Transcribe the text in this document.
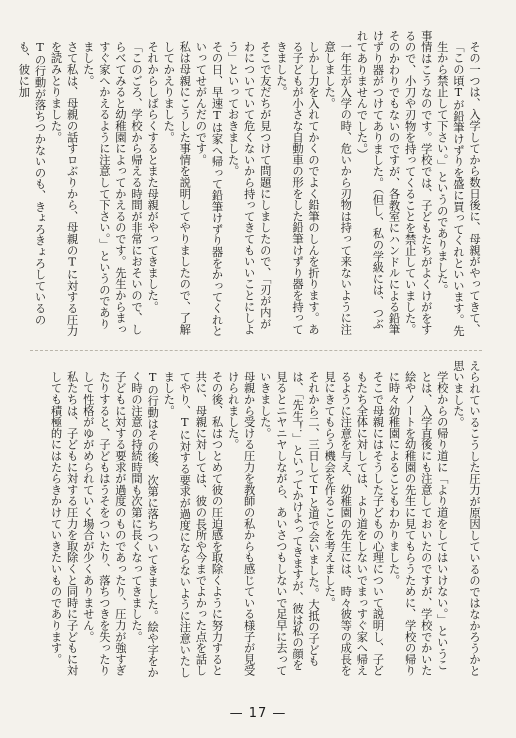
その一つは、入学してから数日後に、母親がやってきて、「この頃Tが鉛筆けずりを盛に買ってくれといいます。先生から禁止して下さい。」というのでありました。

事情はこうなのです。学校では、子どもたちがよくけがをするので、小刀や刃物を持ってくることを禁止していました。そのかわりでもないのですが、各教室にハンドルによる鉛筆けずり器がつけてありました。（但し、私の学級には、つぶれてありませんでした。）

一年生が入学の時、危いから刃物は持って来ないように注意しました。

しかし力を入れてかくのでよく鉛筆のしんを折ります。ある子どもが小さな自動車の形をした鉛筆けずり器を持ってきました。

そこで友だちが見つけて問題にしましたので、「刃が内がわについていて危くないから持ってきてもいいことにしよう」といっておきました。

その日、早速Tは家へ帰って鉛筆けずり器をかってくれといってせがんだのです。

私は母親にこうした事情を説明してやりましたので、了解してかえりました。

それからしばらくするとまた母親がやってきました。

「このごろ、学校から帰える時間が非常におそいので、しらべてみると幼稚園によってかえるのです。先生からまっすぐ家へかえるように注意して下さい。」というのでありました。

さて私は、母親の話すロぶりから、母親のTに対する圧力を読みとりました。

Tの行動が落ちつかないのも、きょろきょろしているのも、彼に加

えられているこうした圧力が原因しているのではなかろうかと思いました。

学校からの帰り道に「より道をしてはいけない。」ということは、入学直後にも注意しておいたのですが、学校でかいた絵やノートを幼稚園の先生に見てもらうために、学校の帰りに時々幼稚園によることもわかりました。

そこで母親にはそうした子どもの心理について説明し、子どもたち全体に対しては、より道をしないでまっすぐ家へ帰えるように注意を与え、幼稚園の先生には、時々彼等の成長を見にきてもらう機会を作ることを考えました。

それから二、三日してTと道で会いました。大抵の子どもは、「先生！」といってかけよってきますが、彼は私の顔を見るとニヤニヤしながら、あいさつもしないで足早に去っていきました。

母親から受ける圧力を教師の私からも感じている様子が見受けられました。

その後、私はつとめて彼の圧迫感を取除くように努力すると共に、母親に対しては、彼の長所や今までよかった点を話してやり、Tに対する要求が過度にならないように注意いたしました。

Tの行動はその後、次第に落ちついてきました。絵や字をかく時の注意の持続時間も次第に長くなってきました。

子どもに対する要求が過度のものであったり、圧力が強すぎたりすると、子どもはうそをついたり、落ちつきを失ったりして性格がゆがめられていく場合が少くありません。

私たちは、子どもに対する圧力を取除くと同時に子どもに対しても積極的にはたらきかけていきたいものであります。

— 17 —
